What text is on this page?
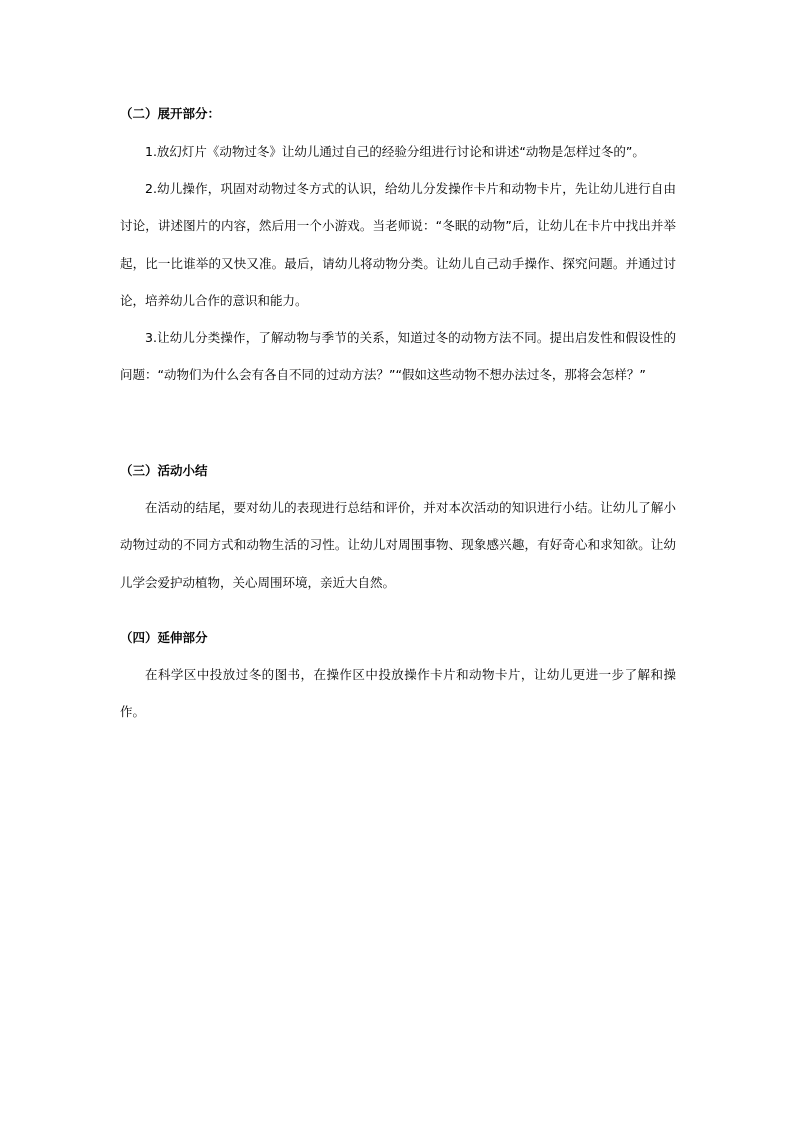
（二）展开部分：

1.放幻灯片《动物过冬》让幼儿通过自己的经验分组进行讨论和讲述“动物是怎样过冬的”。

2.幼儿操作，巩固对动物过冬方式的认识，给幼儿分发操作卡片和动物卡片，先让幼儿进行自由讨论，讲述图片的内容，然后用一个小游戏。当老师说：“冬眠的动物”后，让幼儿在卡片中找出并举起，比一比谁举的又快又准。最后，请幼儿将动物分类。让幼儿自己动手操作、探究问题。并通过讨论，培养幼儿合作的意识和能力。

3.让幼儿分类操作，了解动物与季节的关系，知道过冬的动物方法不同。提出启发性和假设性的问题：“动物们为什么会有各自不同的过动方法？”“假如这些动物不想办法过冬，那将会怎样？”

（三）活动小结

在活动的结尾，要对幼儿的表现进行总结和评价，并对本次活动的知识进行小结。让幼儿了解小动物过动的不同方式和动物生活的习性。让幼儿对周围事物、现象感兴趣，有好奇心和求知欲。让幼儿学会爱护动植物，关心周围环境，亲近大自然。

（四）延伸部分

在科学区中投放过冬的图书，在操作区中投放操作卡片和动物卡片，让幼儿更进一步了解和操作。
